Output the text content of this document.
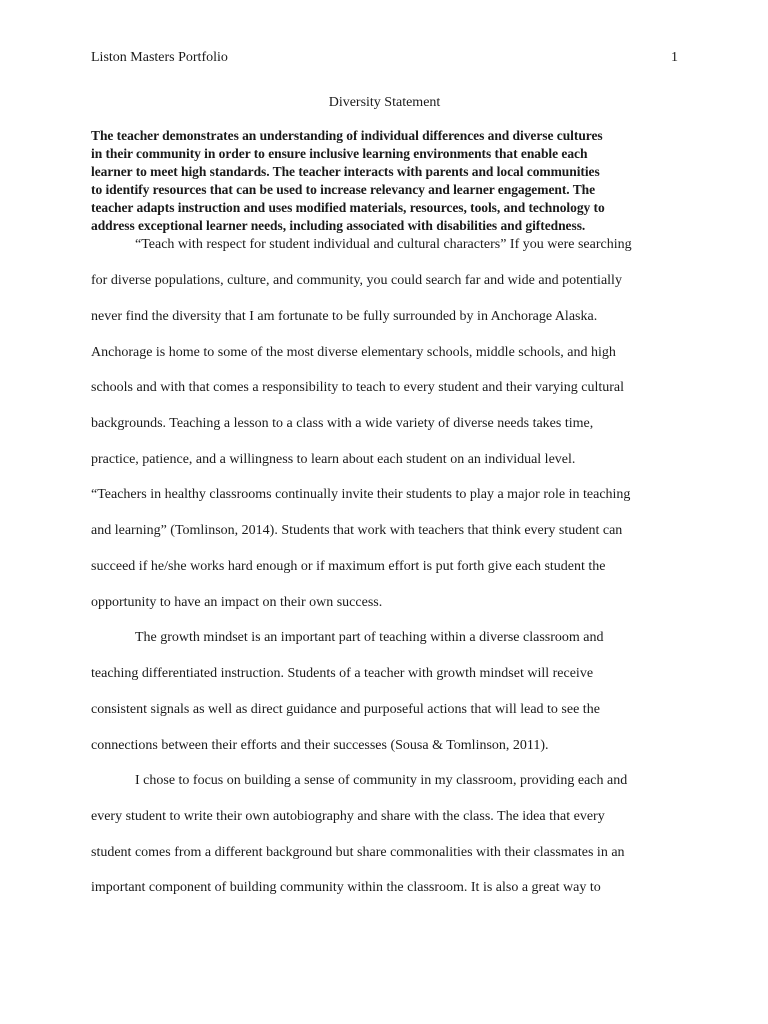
Liston Masters Portfolio	1
Diversity Statement
The teacher demonstrates an understanding of individual differences and diverse cultures
in their community in order to ensure inclusive learning environments that enable each
learner to meet high standards. The teacher interacts with parents and local communities
to identify resources that can be used to increase relevancy and learner engagement. The
teacher adapts instruction and uses modified materials, resources, tools, and technology to
address exceptional learner needs, including associated with disabilities and giftedness.
“Teach with respect for student individual and cultural characters” If you were searching
for diverse populations, culture, and community, you could search far and wide and potentially
never find the diversity that I am fortunate to be fully surrounded by in Anchorage Alaska.
Anchorage is home to some of the most diverse elementary schools, middle schools, and high
schools and with that comes a responsibility to teach to every student and their varying cultural
backgrounds. Teaching a lesson to a class with a wide variety of diverse needs takes time,
practice, patience, and a willingness to learn about each student on an individual level.
“Teachers in healthy classrooms continually invite their students to play a major role in teaching
and learning” (Tomlinson, 2014). Students that work with teachers that think every student can
succeed if he/she works hard enough or if maximum effort is put forth give each student the
opportunity to have an impact on their own success.
The growth mindset is an important part of teaching within a diverse classroom and
teaching differentiated instruction. Students of a teacher with growth mindset will receive
consistent signals as well as direct guidance and purposeful actions that will lead to see the
connections between their efforts and their successes (Sousa & Tomlinson, 2011).
I chose to focus on building a sense of community in my classroom, providing each and
every student to write their own autobiography and share with the class. The idea that every
student comes from a different background but share commonalities with their classmates in an
important component of building community within the classroom. It is also a great way to
